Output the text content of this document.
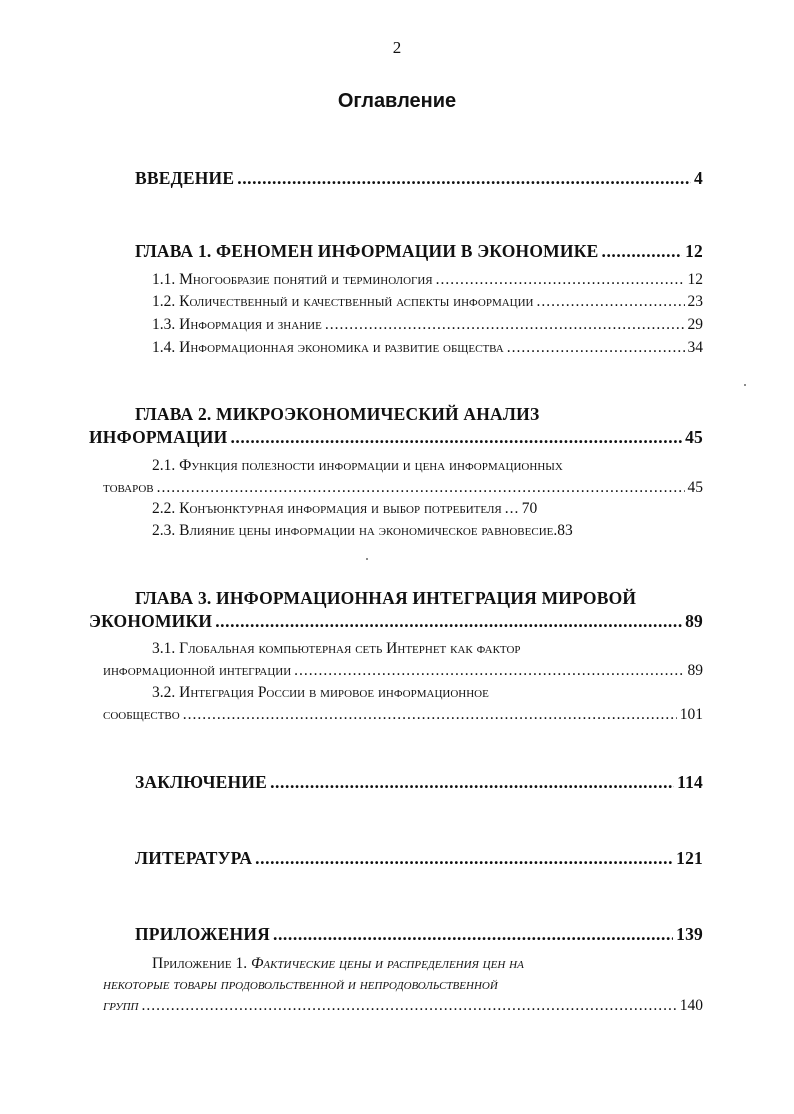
2
Оглавление
ВВЕДЕНИЕ .....	4
ГЛАВА 1. ФЕНОМЕН ИНФОРМАЦИИ В ЭКОНОМИКЕ .....	12
1.1. Многообразие понятий и терминология .....	12
1.2. Количественный и качественный аспекты информации .....	23
1.3. Информация и знание .....	29
1.4. Информационная экономика и развитие общества .....	34
ГЛАВА 2. МИКРОЭКОНОМИЧЕСКИЙ АНАЛИЗ
ИНФОРМАЦИИ .....	45
2.1. Функция полезности информации и цена информационных
товаров .....	45
2.2. Конъюнктурная информация и выбор потребителя ..... 70
2.3. Влияние цены информации на экономическое равновесие.83
ГЛАВА 3. ИНФОРМАЦИОННАЯ ИНТЕГРАЦИЯ МИРОВОЙ
ЭКОНОМИКИ .....	89
3.1. Глобальная компьютерная сеть Интернет как фактор
информационной интеграции .....	89
3.2. Интеграция России в мировое информационное
сообщество .....	101
ЗАКЛЮЧЕНИЕ .....	114
ЛИТЕРАТУРА .....	121
ПРИЛОЖЕНИЯ .....	139
Приложение 1. Фактические цены и распределения цен на
некоторые товары продовольственной и непродовольственной
групп .....	140
